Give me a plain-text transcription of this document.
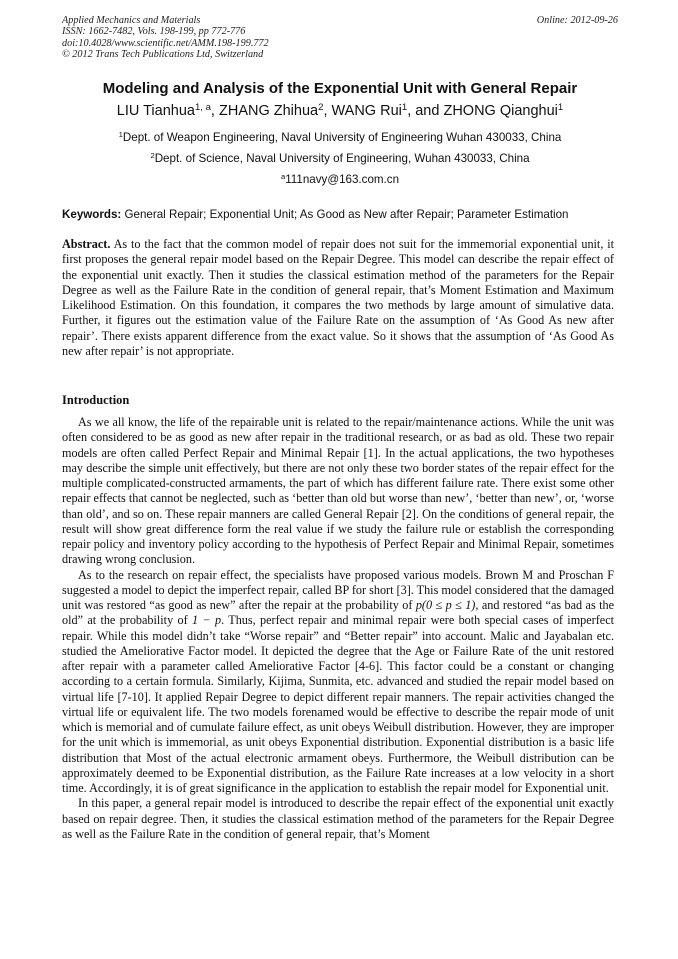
Applied Mechanics and Materials
ISSN: 1662-7482, Vols. 198-199, pp 772-776
doi:10.4028/www.scientific.net/AMM.198-199.772
© 2012 Trans Tech Publications Ltd, Switzerland
Online: 2012-09-26
Modeling and Analysis of the Exponential Unit with General Repair
LIU Tianhua$^{1, a}$, ZHANG Zhihua$^2$, WANG Rui$^1$, and ZHONG Qianghui$^1$
$^1$Dept. of Weapon Engineering, Naval University of Engineering Wuhan 430033, China
$^2$Dept. of Science, Naval University of Engineering, Wuhan 430033, China
$^a$111navy@163.com.cn
Keywords: General Repair; Exponential Unit; As Good as New after Repair; Parameter Estimation
Abstract. As to the fact that the common model of repair does not suit for the immemorial exponential unit, it first proposes the general repair model based on the Repair Degree. This model can describe the repair effect of the exponential unit exactly. Then it studies the classical estimation method of the parameters for the Repair Degree as well as the Failure Rate in the condition of general repair, that’s Moment Estimation and Maximum Likelihood Estimation. On this foundation, it compares the two methods by large amount of simulative data. Further, it figures out the estimation value of the Failure Rate on the assumption of ‘As Good As new after repair’. There exists apparent difference from the exact value. So it shows that the assumption of ‘As Good As new after repair’ is not appropriate.
Introduction

As we all know, the life of the repairable unit is related to the repair/maintenance actions. While the unit was often considered to be as good as new after repair in the traditional research, or as bad as old. These two repair models are often called Perfect Repair and Minimal Repair [1]. In the actual applications, the two hypotheses may describe the simple unit effectively, but there are not only these two border states of the repair effect for the multiple complicated-constructed armaments, the part of which has different failure rate. There exist some other repair effects that cannot be neglected, such as ‘better than old but worse than new’, ‘better than new’, or, ‘worse than old’, and so on. These repair manners are called General Repair [2]. On the conditions of general repair, the result will show great difference form the real value if we study the failure rule or establish the corresponding repair policy and inventory policy according to the hypothesis of Perfect Repair and Minimal Repair, sometimes drawing wrong conclusion.

As to the research on repair effect, the specialists have proposed various models. Brown M and Proschan F suggested a model to depict the imperfect repair, called BP for short [3]. This model considered that the damaged unit was restored “as good as new” after the repair at the probability of p(0 ≤ p ≤ 1), and restored “as bad as the old” at the probability of 1 − p. Thus, perfect repair and minimal repair were both special cases of imperfect repair. While this model didn’t take “Worse repair” and “Better repair” into account. Malic and Jayabalan etc. studied the Ameliorative Factor model. It depicted the degree that the Age or Failure Rate of the unit restored after repair with a parameter called Ameliorative Factor [4-6]. This factor could be a constant or changing according to a certain formula. Similarly, Kijima, Sunmita, etc. advanced and studied the repair model based on virtual life [7-10]. It applied Repair Degree to depict different repair manners. The repair activities changed the virtual life or equivalent life. The two models forenamed would be effective to describe the repair mode of unit which is memorial and of cumulate failure effect, as unit obeys Weibull distribution. However, they are improper for the unit which is immemorial, as unit obeys Exponential distribution. Exponential distribution is a basic life distribution that Most of the actual electronic armament obeys. Furthermore, the Weibull distribution can be approximately deemed to be Exponential distribution, as the Failure Rate increases at a low velocity in a short time. Accordingly, it is of great significance in the application to establish the repair model for Exponential unit.

In this paper, a general repair model is introduced to describe the repair effect of the exponential unit exactly based on repair degree. Then, it studies the classical estimation method of the parameters for the Repair Degree as well as the Failure Rate in the condition of general repair, that’s Moment
